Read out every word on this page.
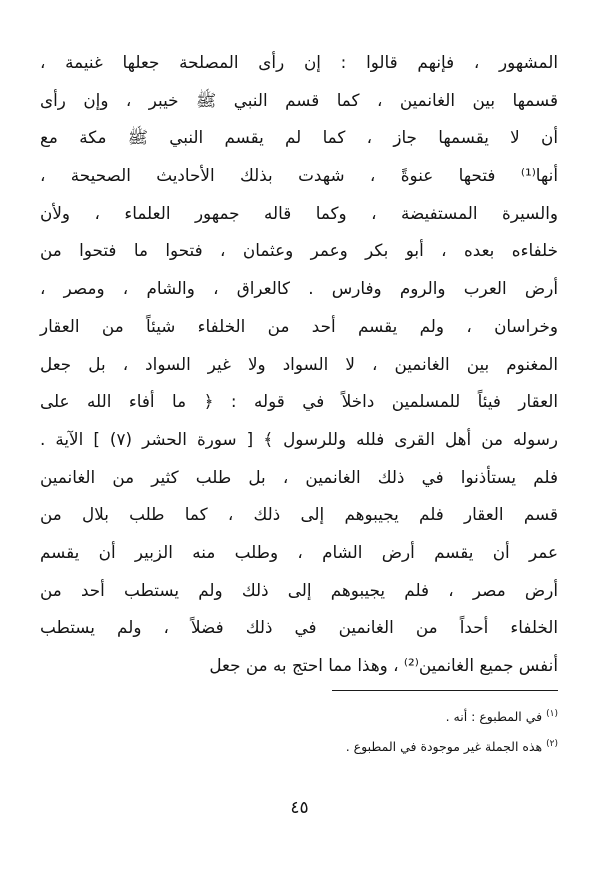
المشهور ، فإنهم قالوا : إن رأى المصلحة جعلها غنيمة ،
قسمها بين الغانمين ، كما قسم النبي ﷺ خيبر ، وإن رأى
أن لا يقسمها جاز ، كما لم يقسم النبي ﷺ مكة مع
أنها⁽¹⁾ فتحها عنوةً ، شهدت بذلك الأحاديث الصحيحة ،
والسيرة المستفيضة ، وكما قاله جمهور العلماء ، ولأن
خلفاءه بعده ، أبو بكر وعمر وعثمان ، فتحوا ما فتحوا من
أرض العرب والروم وفارس . كالعراق ، والشام ، ومصر ،
وخراسان ، ولم يقسم أحد من الخلفاء شيئاً من العقار
المغنوم بين الغانمين ، لا السواد ولا غير السواد ، بل جعل
العقار فيئاً للمسلمين داخلاً في قوله : ﴿ ما أفاء الله على
رسوله من أهل القرى فلله وللرسول ﴾ [ سورة الحشر (٧) ] الآية .
فلم يستأذنوا في ذلك الغانمين ، بل طلب كثير من الغانمين
قسم العقار فلم يجيبوهم إلى ذلك ، كما طلب بلال من
عمر أن يقسم أرض الشام ، وطلب منه الزبير أن يقسم
أرض مصر ، فلم يجيبوهم إلى ذلك ولم يستطب أحد من
الخلفاء أحداً من الغانمين في ذلك فضلاً ، ولم يستطب
أنفس جميع الغانمين⁽²⁾ ، وهذا مما احتج به من جعل
$^{(١)}$ في المطبوع : أنه .
$^{(٢)}$ هذه الجملة غير موجودة في المطبوع .
٤٥
